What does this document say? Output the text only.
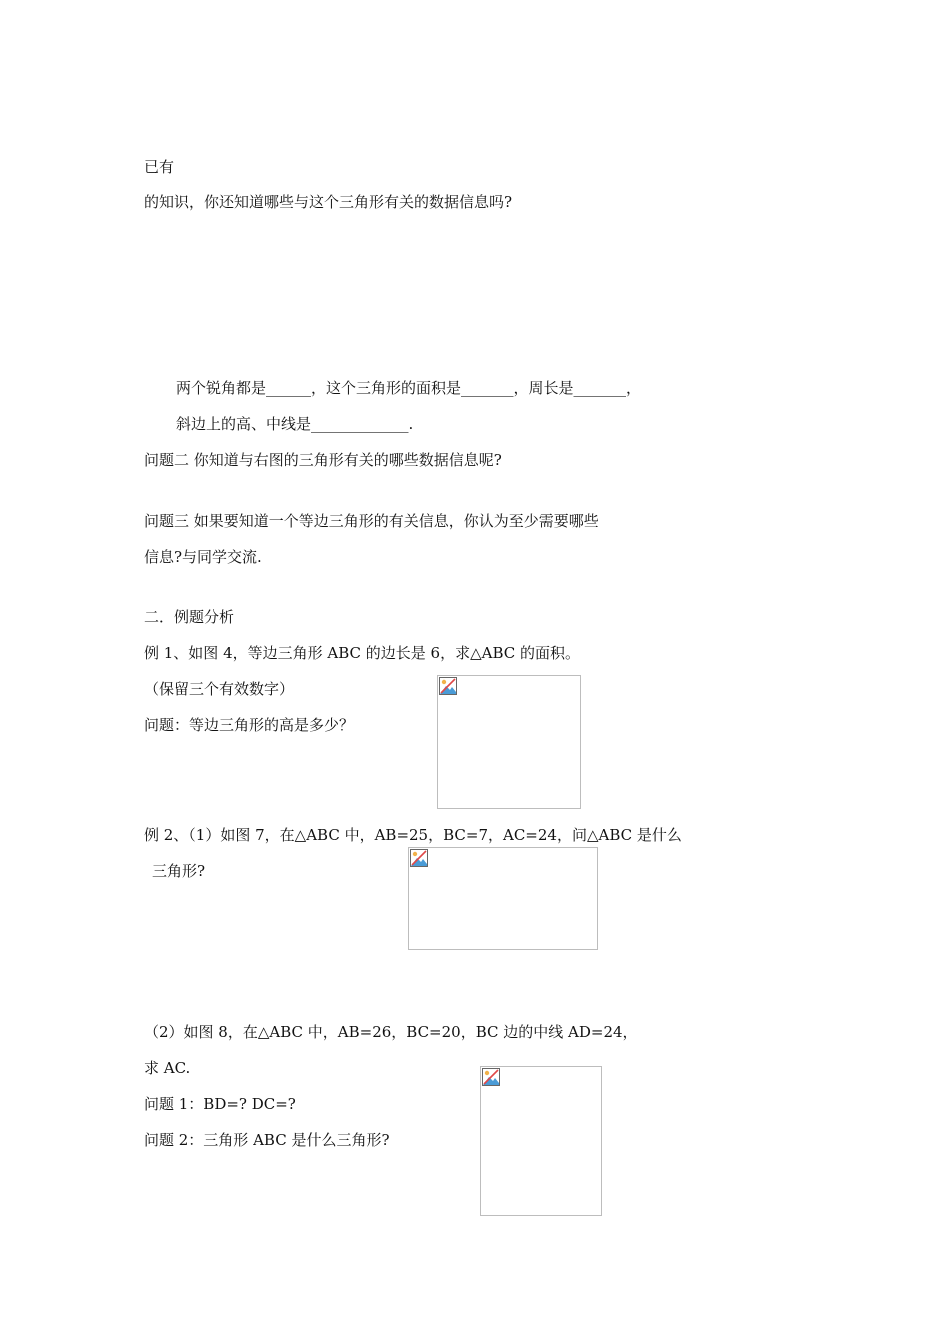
已有
的知识，你还知道哪些与这个三角形有关的数据信息吗?
两个锐角都是______，这个三角形的面积是_______，周长是_______，
斜边上的高、中线是_____________.
问题二 你知道与右图的三角形有关的哪些数据信息呢?
问题三 如果要知道一个等边三角形的有关信息，你认为至少需要哪些
信息?与同学交流.
二．例题分析
例 1、如图 4，等边三角形 ABC 的边长是 6，求△ABC 的面积。
（保留三个有效数字）
问题：等边三角形的高是多少？
例 2、（1）如图 7，在△ABC 中，AB=25，BC=7，AC=24，问△ABC 是什么
三角形?
（2）如图 8，在△ABC 中，AB=26，BC=20，BC 边的中线 AD=24，
求 AC.
问题 1：BD=? DC=?
问题 2：三角形 ABC 是什么三角形?
